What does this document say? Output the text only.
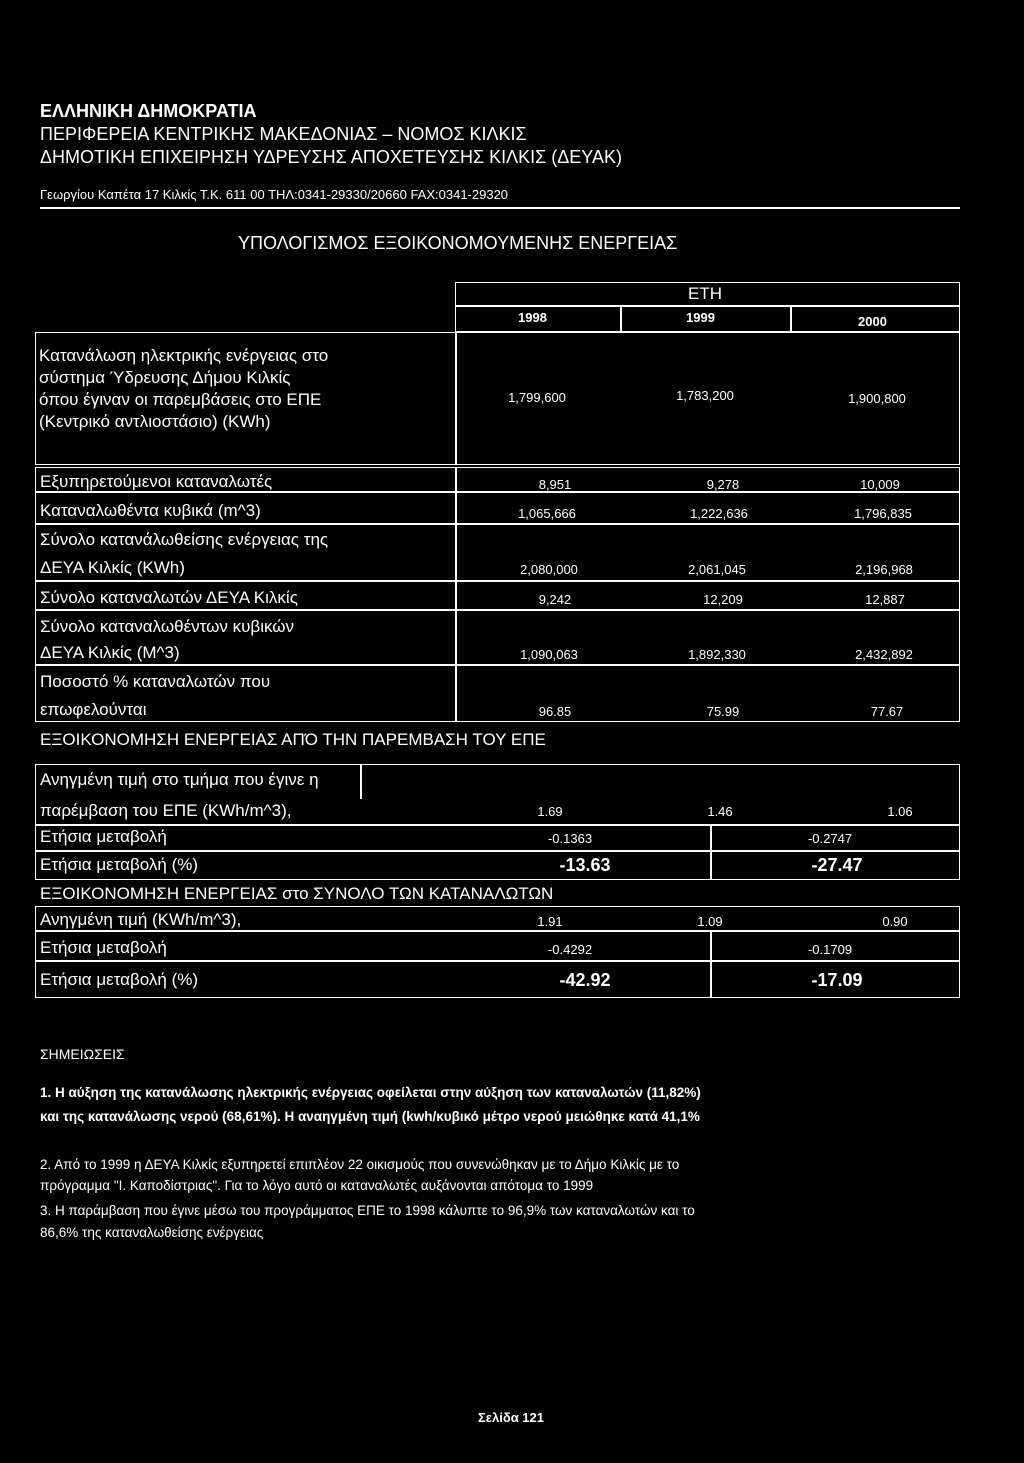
ΕΛΛΗΝΙΚΗ ΔΗΜΟΚΡΑΤΙΑ
ΠΕΡΙΦΕΡΕΙΑ ΚΕΝΤΡΙΚΗΣ ΜΑΚΕΔΟΝΙΑΣ – ΝΟΜΟΣ ΚΙΛΚΙΣ
ΔΗΜΟΤΙΚΗ ΕΠΙΧΕΙΡΗΣΗ ΥΔΡΕΥΣΗΣ ΑΠΟΧΕΤΕΥΣΗΣ ΚΙΛΚΙΣ (ΔΕΥΑΚ)
Γεωργίου Καπέτα 17 Κιλκίς Τ.Κ. 611 00 ΤΗΛ:0341-29330/20660 FAX:0341-29320
ΥΠΟΛΟΓΙΣΜΟΣ ΕΞΟΙΚΟΝΟΜΟΥΜΕΝΗΣ ΕΝΕΡΓΕΙΑΣ
ΕΤΗ
1998	1999	2000
Κατανάλωση ηλεκτρικής ενέργειας στο
σύστημα Ύδρευσης Δήμου Κιλκίς
όπου έγιναν οι παρεμβάσεις στο ΕΠΕ
(Κεντρικό αντλιοστάσιο) (KWh)
1,799,600	1,783,200	1,900,800
Εξυπηρετούμενοι καταναλωτές	8,951	9,278	10,009
Καταναλωθέντα κυβικά (m^3)	1,065,666	1,222,636	1,796,835
Σύνολο κατανάλωθείσης ενέργειας της
ΔΕΥΑ Κιλκίς (KWh)	2,080,000	2,061,045	2,196,968
Σύνολο καταναλωτών ΔΕΥΑ Κιλκίς	9,242	12,209	12,887
Σύνολο καταναλωθέντων κυβικών
ΔΕΥΑ Κιλκίς (Μ^3)	1,090,063	1,892,330	2,432,892
Ποσοστό % καταναλωτών που
επωφελούνται	96.85	75.99	77.67
ΕΞΟΙΚΟΝΟΜΗΣΗ ΕΝΕΡΓΕΙΑΣ ΑΠΌ ΤΗΝ ΠΑΡΕΜΒΑΣΗ ΤΟΥ ΕΠΕ
Ανηγμένη τιμή στο τμήμα που έγινε η
παρέμβαση του ΕΠΕ (KWh/m^3),	1.69	1.46	1.06
Ετήσια μεταβολή	-0.1363	-0.2747
Ετήσια μεταβολή (%)	-13.63	-27.47
ΕΞΟΙΚΟΝΟΜΗΣΗ ΕΝΕΡΓΕΙΑΣ στο ΣΥΝΟΛΟ ΤΩΝ ΚΑΤΑΝΑΛΩΤΩΝ
Ανηγμένη τιμή (KWh/m^3),	1.91	1.09	0.90
Ετήσια μεταβολή	-0.4292	-0.1709
Ετήσια μεταβολή (%)	-42.92	-17.09
ΣΗΜΕΙΩΣΕΙΣ
1. Η αύξηση της κατανάλωσης ηλεκτρικής ενέργειας οφείλεται στην αύξηση των καταναλωτών (11,82%)
και της κατανάλωσης νερού (68,61%). Η αναηγμένη τιμή (kwh/κυβικό μέτρο νερού μειώθηκε κατά 41,1%
2. Από το 1999 η ΔΕΥΑ Κιλκίς εξυπηρετεί επιπλέον 22 οικισμούς που συνενώθηκαν με το Δήμο Κιλκίς με το
πρόγραμμα "Ι. Καποδίστριας". Για το λόγο αυτό οι καταναλωτές αυξάνονται απότομα το 1999
3. Η παράμβαση που έγινε μέσω του προγράμματος ΕΠΕ το 1998 κάλυπτε το 96,9% των καταναλωτών και το
86,6% της καταναλωθείσης ενέργειας
Σελίδα 121
